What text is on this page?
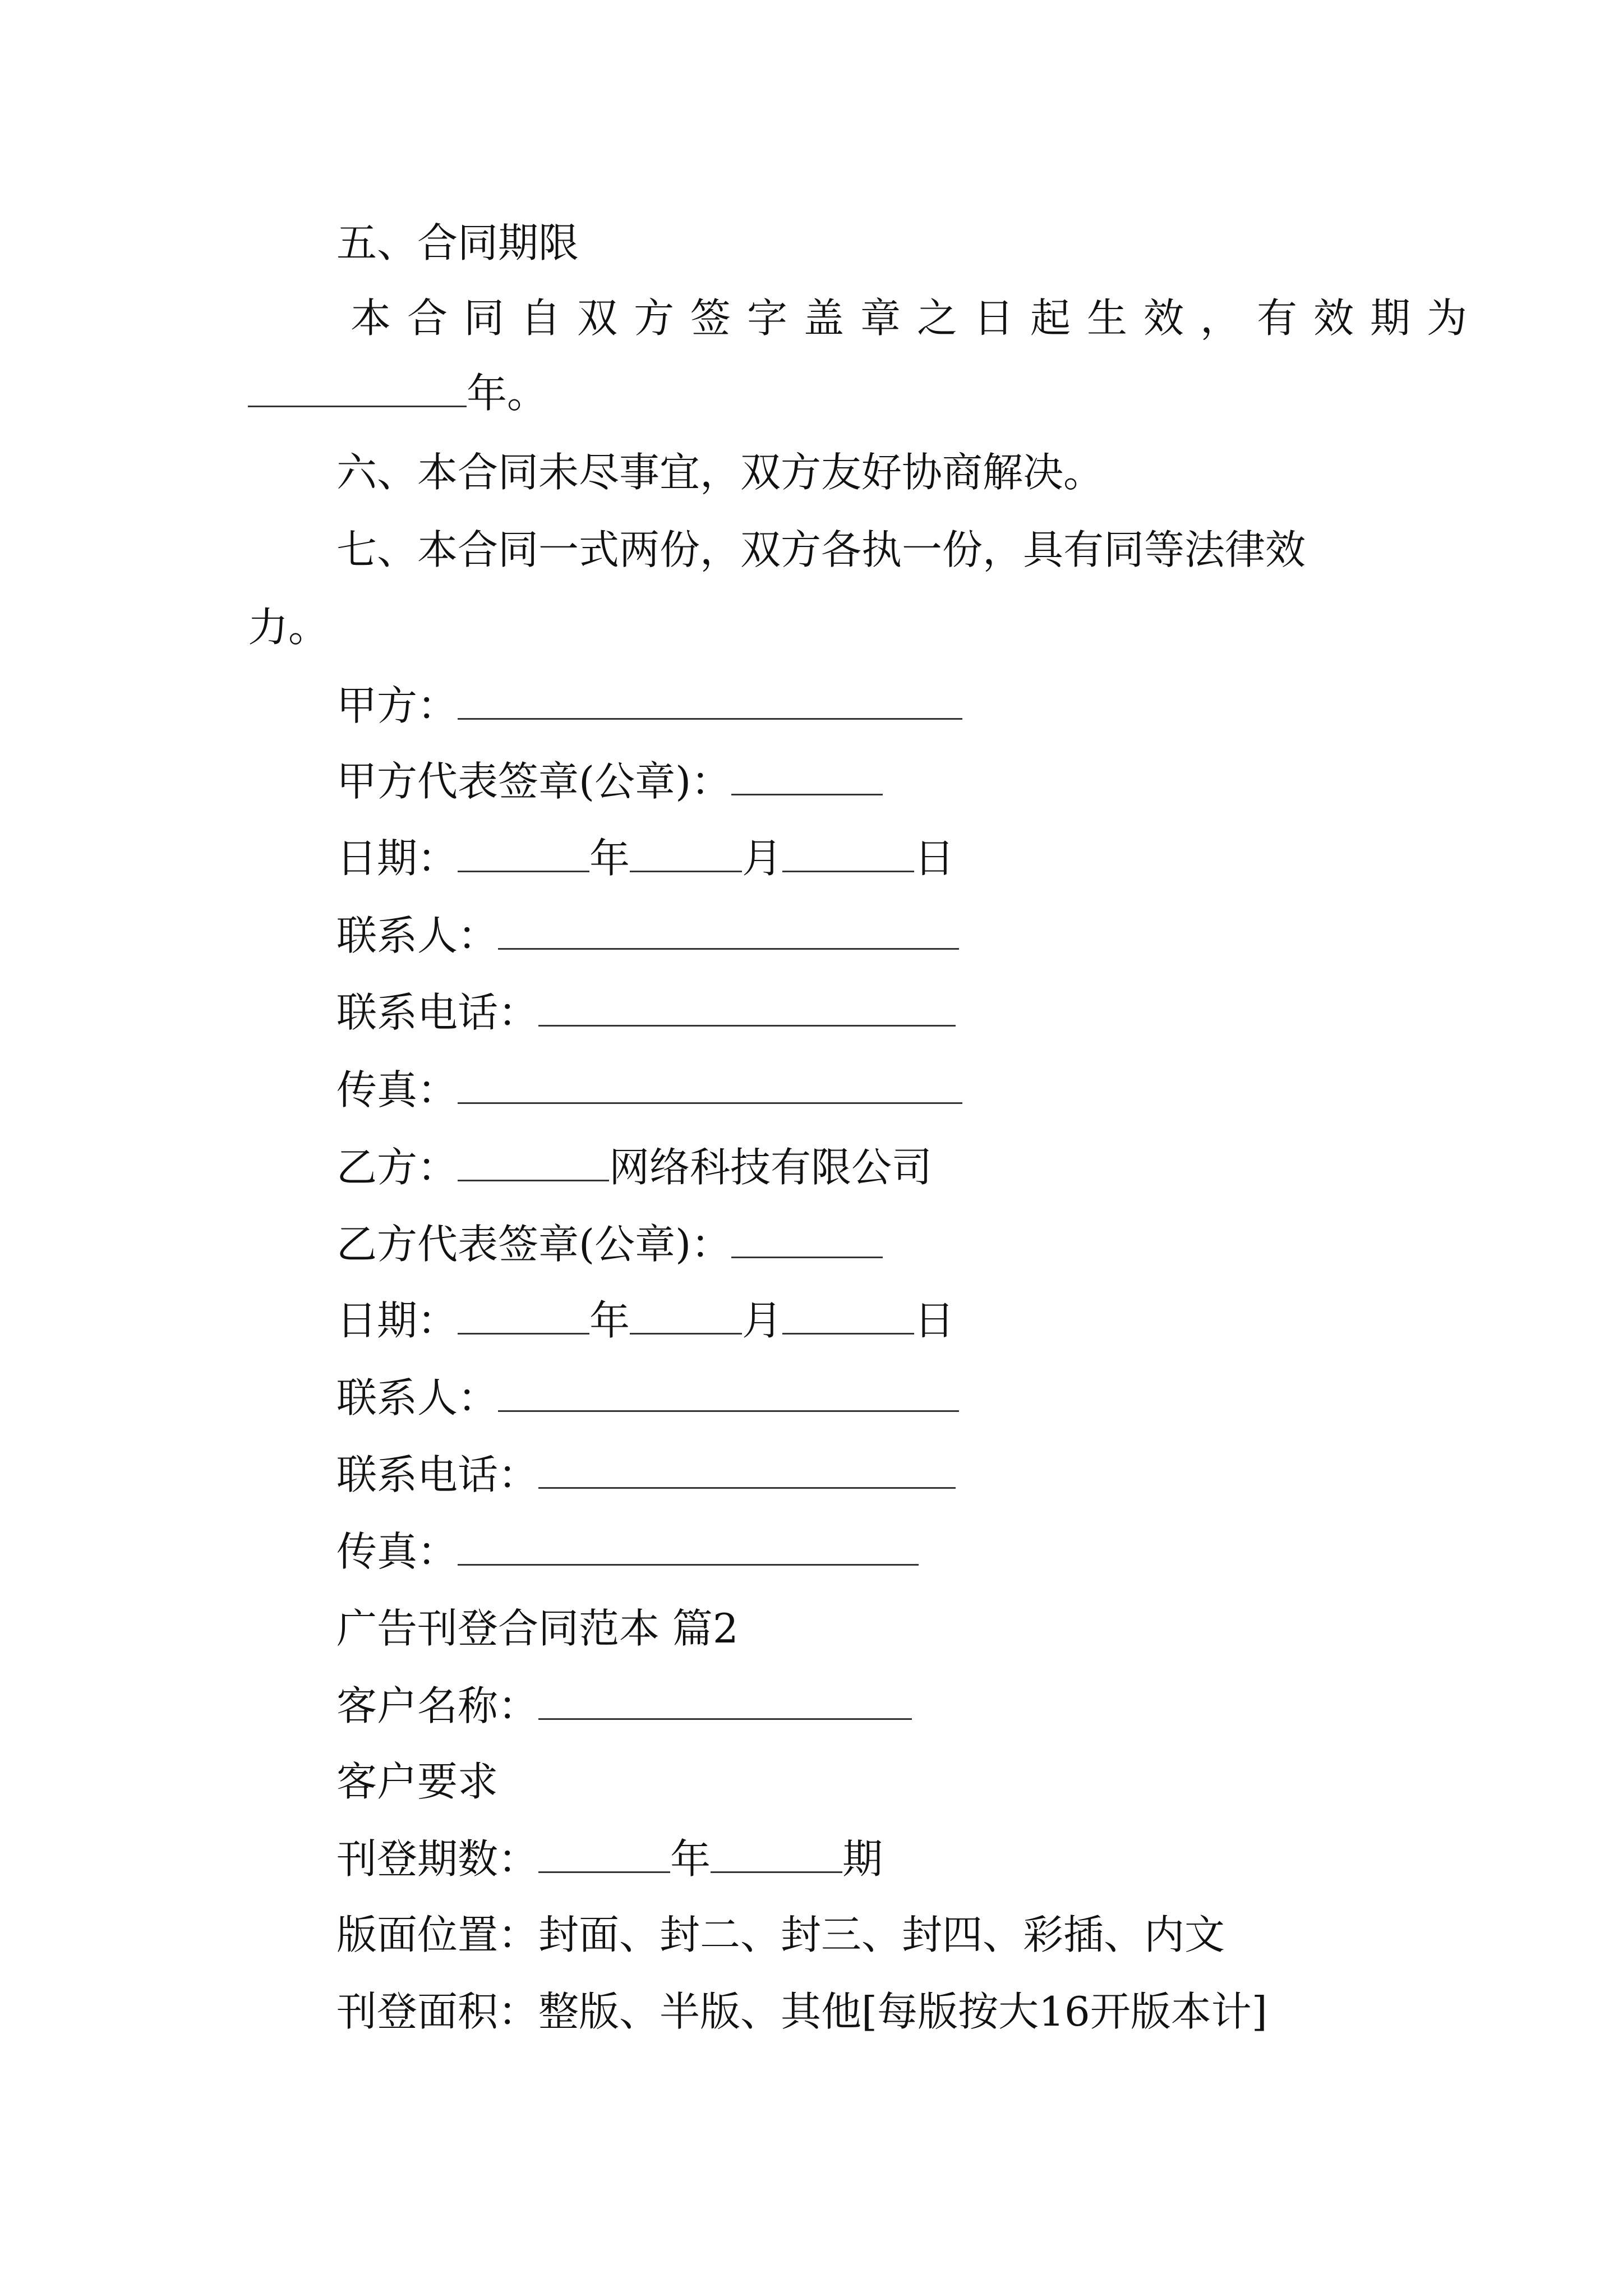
五、合同期限
本合同自双方签字盖章之日起生效，有效期为
年。
六、本合同未尽事宜，双方友好协商解决。
七、本合同一式两份，双方各执一份，具有同等法律效
力。
甲方：
甲方代表签章(公章)：
日期：	年	月	日
联系人：
联系电话：
传真：
乙方：	网络科技有限公司
乙方代表签章(公章)：
日期：	年	月	日
联系人：
联系电话：
传真：
广告刊登合同范本 篇2
客户名称：
客户要求
刊登期数：	年	期
版面位置：封面、封二、封三、封四、彩插、内文
刊登面积：整版、半版、其他[每版按大16开版本计]
